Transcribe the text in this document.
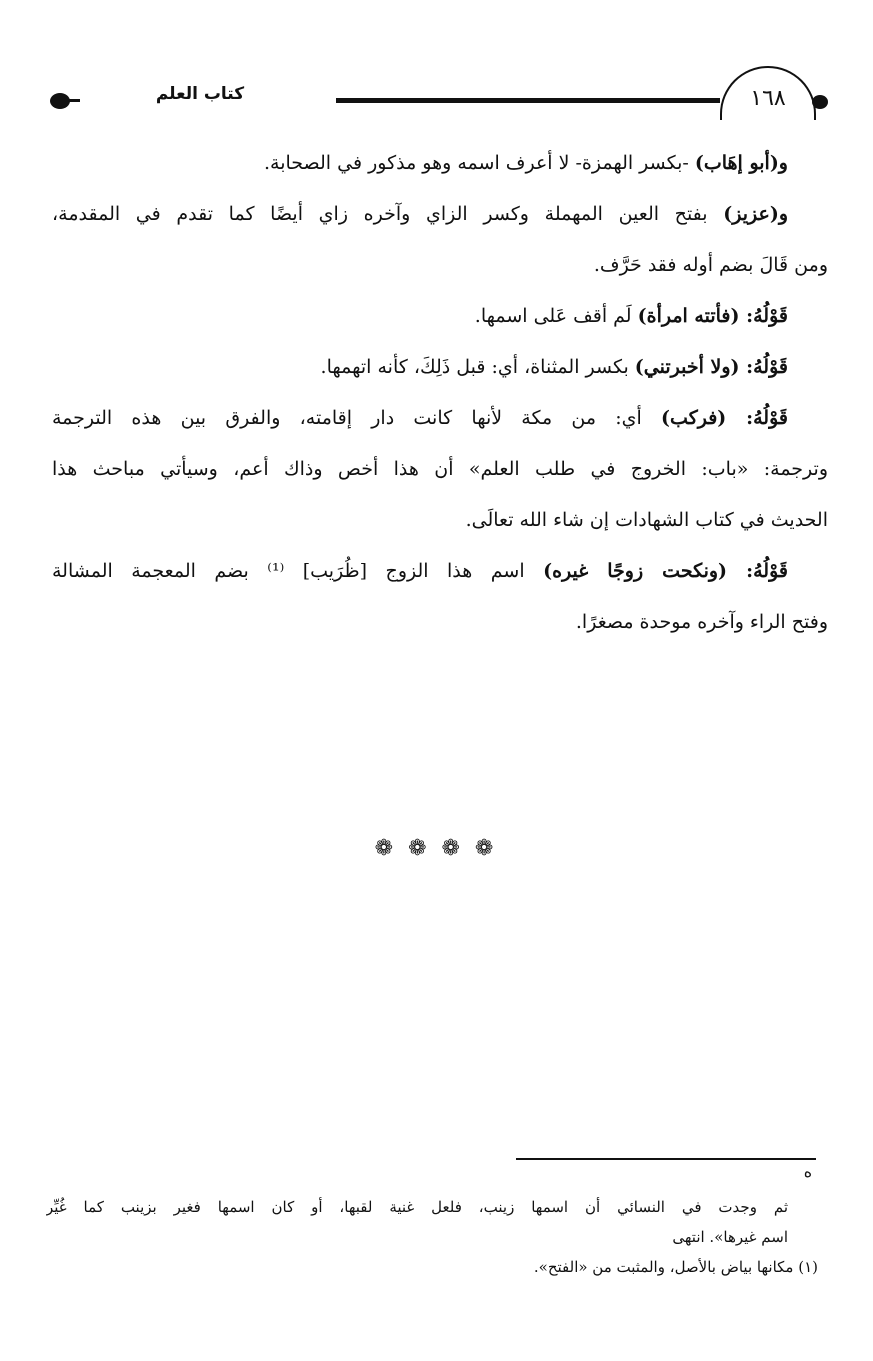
كتاب العلم	١٦٨
و(أبو إهَاب) -بكسر الهمزة- لا أعرف اسمه وهو مذكور في الصحابة.
و(عزيز) بفتح العين المهملة وكسر الزاي وآخره زاي أيضًا كما تقدم في المقدمة،
ومن قَالَ بضم أوله فقد حَرَّف.
قَوْلُهُ: (فأتته امرأة) لَم أقف عَلى اسمها.
قَوْلُهُ: (ولا أخبرتني) بكسر المثناة، أي: قبل ذَلِكَ، كأنه اتهمها.
قَوْلُهُ: (فركب) أي: من مكة لأنها كانت دار إقامته، والفرق بين هذه الترجمة
وترجمة: «باب: الخروج في طلب العلم» أن هذا أخص وذاك أعم، وسيأتي مباحث هذا
الحديث في كتاب الشهادات إن شاء الله تعالَى.
قَوْلُهُ: (ونكحت زوجًا غيره) اسم هذا الزوج [ظُرَيب] ⁽¹⁾ بضم المعجمة المشالة
وفتح الراء وآخره موحدة مصغرًا.
❁ ❁ ❁ ❁
ه
ثم وجدت في النسائي أن اسمها زينب، فلعل غنية لقبها، أو كان اسمها فغير بزينب كما غُيِّر
اسم غيرها». انتهى
(١) مكانها بياض بالأصل، والمثبت من «الفتح».
